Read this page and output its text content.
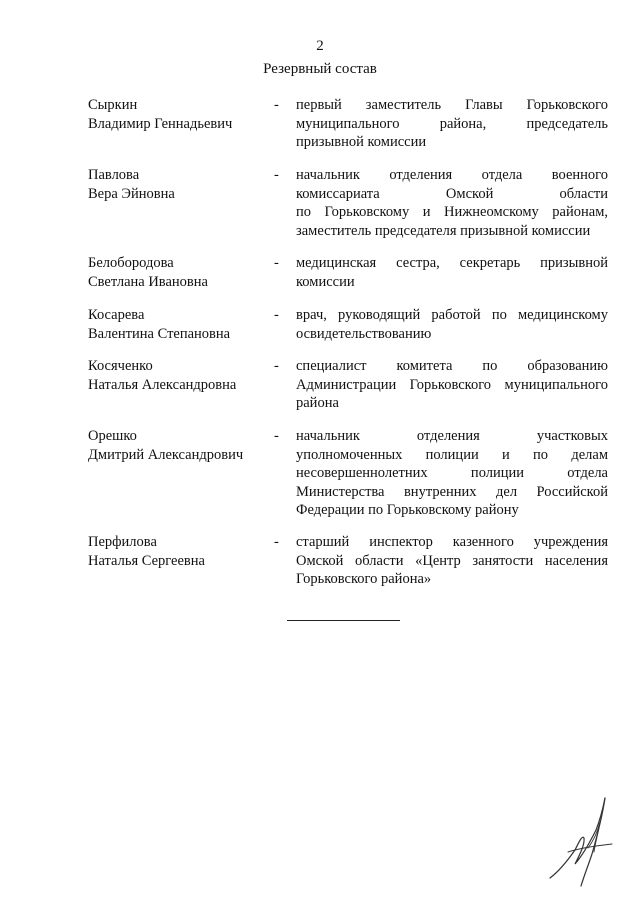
2
Резервный состав
Сыркин
Владимир Геннадьевич
- первый заместитель Главы Горьковского
муниципального района, председатель
призывной комиссии
Павлова
Вера Эйновна
- начальник отделения отдела военного
комиссариата Омской области
по Горьковскому и Нижнеомскому районам,
заместитель председателя призывной комиссии
Белобородова
Светлана Ивановна
- медицинская сестра, секретарь призывной
комиссии
Косарева
Валентина Степановна
- врач, руководящий работой по медицинскому
освидетельствованию
Косяченко
Наталья Александровна
- специалист комитета по образованию
Администрации Горьковского муниципального
района
Орешко
Дмитрий Александрович
- начальник отделения участковых
уполномоченных полиции и по делам
несовершеннолетних полиции отдела
Министерства внутренних дел Российской
Федерации по Горьковскому району
Перфилова
Наталья Сергеевна
- старший инспектор казенного учреждения
Омской области «Центр занятости населения
Горьковского района»
